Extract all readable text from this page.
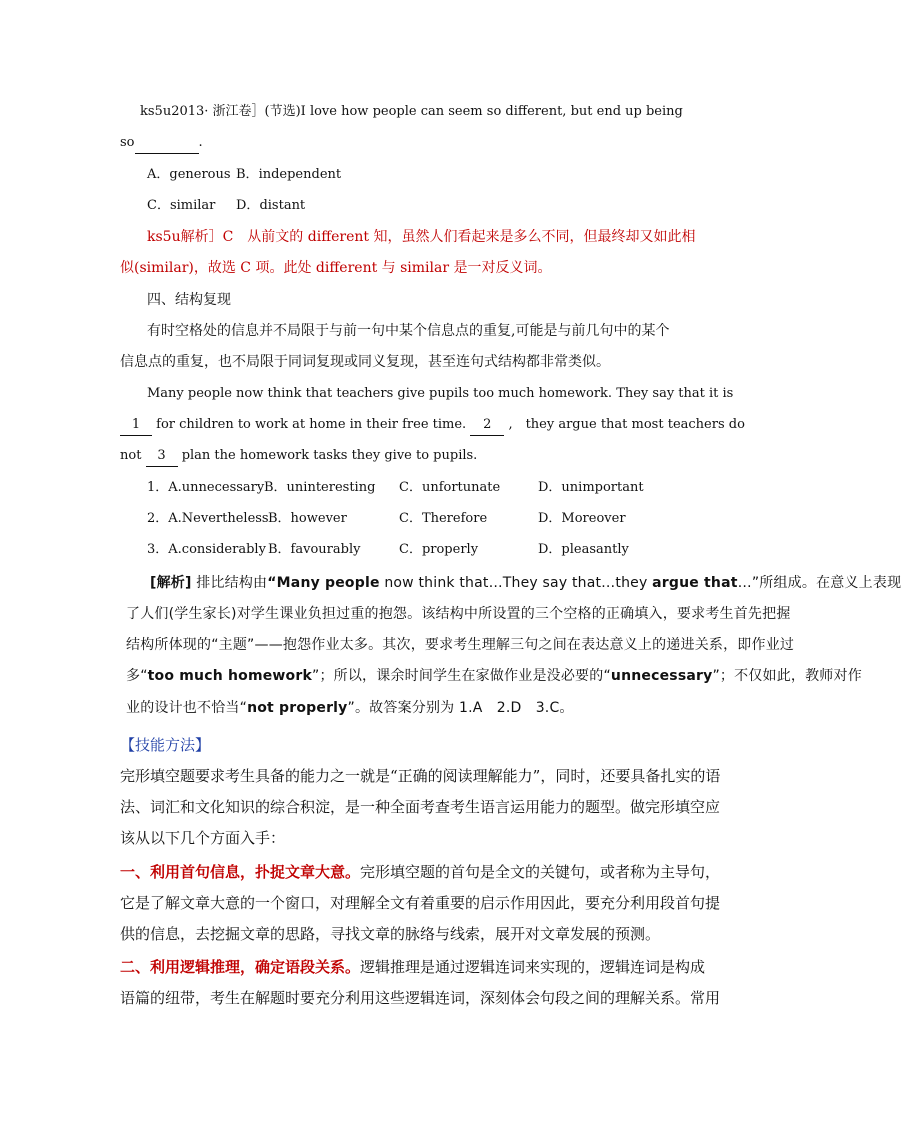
ks5u2013· 浙江卷］(节选)I love how people can seem so different, but end up being
so	.
A．generous B．independent
C．similar D．distant
ks5u解析］C　从前文的 different 知，虽然人们看起来是多么不同，但最终却又如此相
似(similar)，故选 C 项。此处 different 与 similar 是一对反义词。
四、结构复现
有时空格处的信息并不局限于与前一句中某个信息点的重复,可能是与前几句中的某个
信息点的重复，也不局限于同词复现或同义复现，甚至连句式结构都非常类似。
Many people now think that teachers give pupils too much homework. They say that it is
1 for children to work at home in their free time. 2 ,　they argue that most teachers do
not 3 plan the homework tasks they give to pupils.
1．A.unnecessary B．uninteresting C．unfortunate	D．unimportant
2．A.Nevertheless B．however	C．Therefore	D．Moreover
3．A.considerably B．favourably	C．properly	D．pleasantly
[解析] 排比结构由“Many people now think that…They say that…they argue that…”所组成。在意义上表现
了人们(学生家长)对学生课业负担过重的抱怨。该结构中所设置的三个空格的正确填入，要求考生首先把握
结构所体现的“主题”——抱怨作业太多。其次，要求考生理解三句之间在表达意义上的递进关系，即作业过
多“too much homework”；所以，课余时间学生在家做作业是没必要的“unnecessary”；不仅如此，教师对作
业的设计也不恰当“not properly”。故答案分别为 1.A　2.D　3.C。
【技能方法】
完形填空题要求考生具备的能力之一就是“正确的阅读理解能力”，同时，还要具备扎实的语
法、词汇和文化知识的综合积淀，是一种全面考查考生语言运用能力的题型。做完形填空应
该从以下几个方面入手：
一、利用首句信息，扑捉文章大意。完形填空题的首句是全文的关键句，或者称为主导句，
它是了解文章大意的一个窗口，对理解全文有着重要的启示作用因此，要充分利用段首句提
供的信息，去挖掘文章的思路，寻找文章的脉络与线索，展开对文章发展的预测。
二、利用逻辑推理，确定语段关系。逻辑推理是通过逻辑连词来实现的，逻辑连词是构成
语篇的纽带，考生在解题时要充分利用这些逻辑连词，深刻体会句段之间的理解关系。常用
